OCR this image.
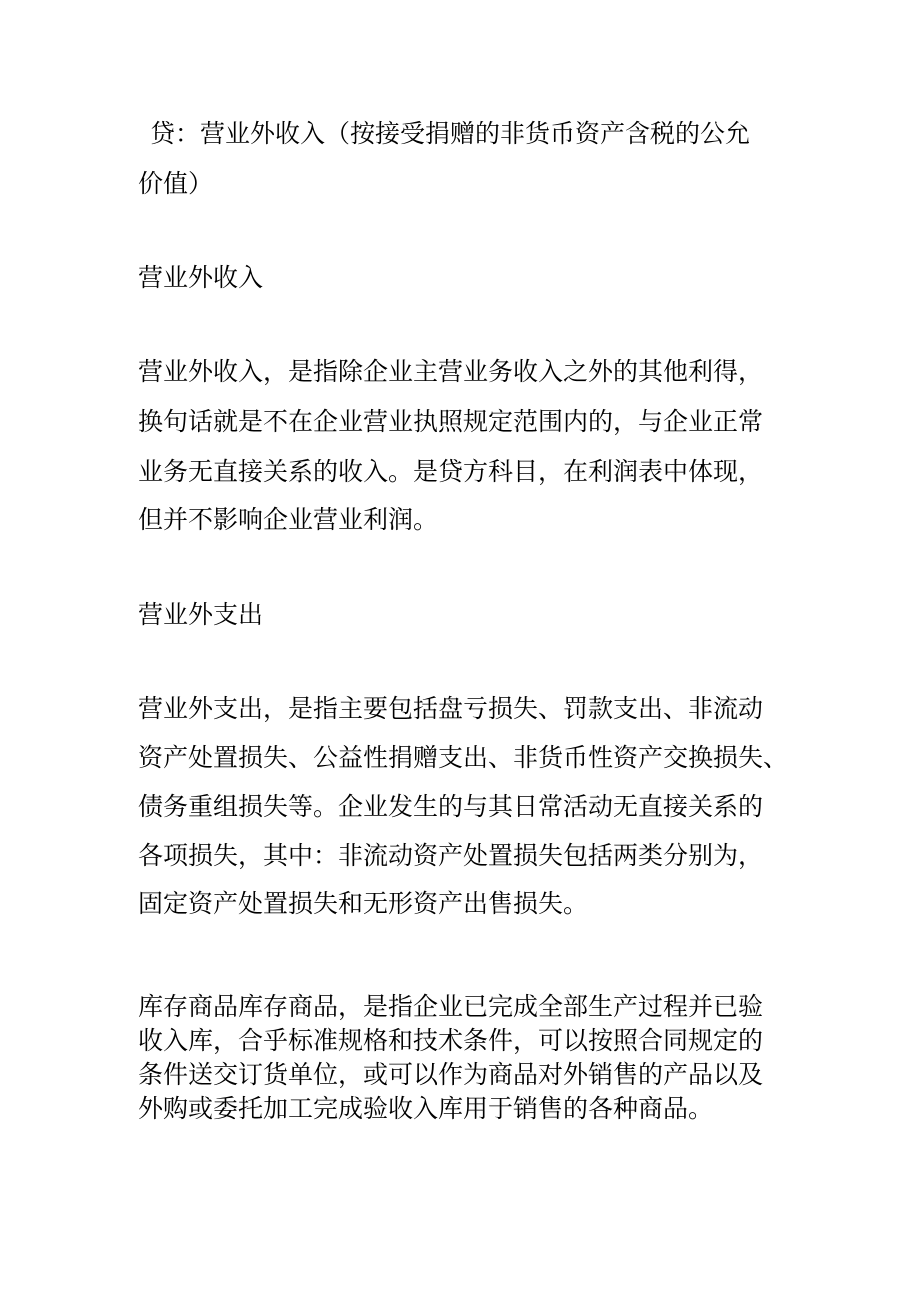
贷：营业外收入（按接受捐赠的非货币资产含税的公允

价值）

营业外收入

营业外收入，是指除企业主营业务收入之外的其他利得，

换句话就是不在企业营业执照规定范围内的，与企业正常

业务无直接关系的收入。是贷方科目，在利润表中体现，

但并不影响企业营业利润。

营业外支出

营业外支出，是指主要包括盘亏损失、罚款支出、非流动

资产处置损失、公益性捐赠支出、非货币性资产交换损失、

债务重组损失等。企业发生的与其日常活动无直接关系的

各项损失，其中：非流动资产处置损失包括两类分别为，

固定资产处置损失和无形资产出售损失。

库存商品库存商品，是指企业已完成全部生产过程并已验

收入库，合乎标准规格和技术条件，可以按照合同规定的

条件送交订货单位，或可以作为商品对外销售的产品以及

外购或委托加工完成验收入库用于销售的各种商品。
